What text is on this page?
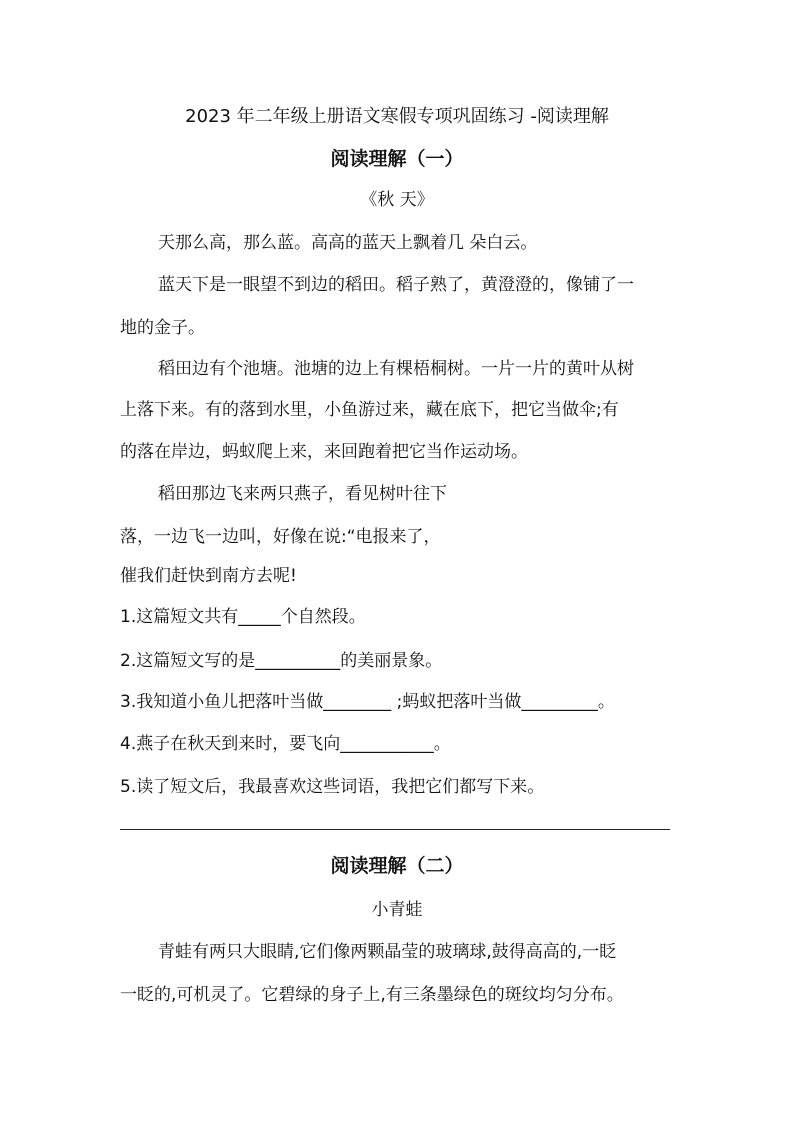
2023 年二年级上册语文寒假专项巩固练习 -阅读理解
阅读理解（一）
《秋 天》
天那么高，那么蓝。高高的蓝天上飘着几 朵白云。
蓝天下是一眼望不到边的稻田。稻子熟了，黄澄澄的，像铺了一
地的金子。
稻田边有个池塘。池塘的边上有棵梧桐树。一片一片的黄叶从树
上落下来。有的落到水里，小鱼游过来，藏在底下，把它当做伞;有
的落在岸边，蚂蚁爬上来，来回跑着把它当作运动场。
稻田那边飞来两只燕子，看见树叶往下
落，一边飞一边叫，好像在说:“电报来了，
催我们赶快到南方去呢!
1.这篇短文共有_____个自然段。
2.这篇短文写的是__________的美丽景象。
3.我知道小鱼儿把落叶当做________ ;蚂蚁把落叶当做_________。
4.燕子在秋天到来时，要飞向___________。
5.读了短文后，我最喜欢这些词语，我把它们都写下来。
阅读理解（二）
小青蛙
青蛙有两只大眼睛,它们像两颗晶莹的玻璃球,鼓得高高的,一眨
一眨的,可机灵了。它碧绿的身子上,有三条墨绿色的斑纹均匀分布。
